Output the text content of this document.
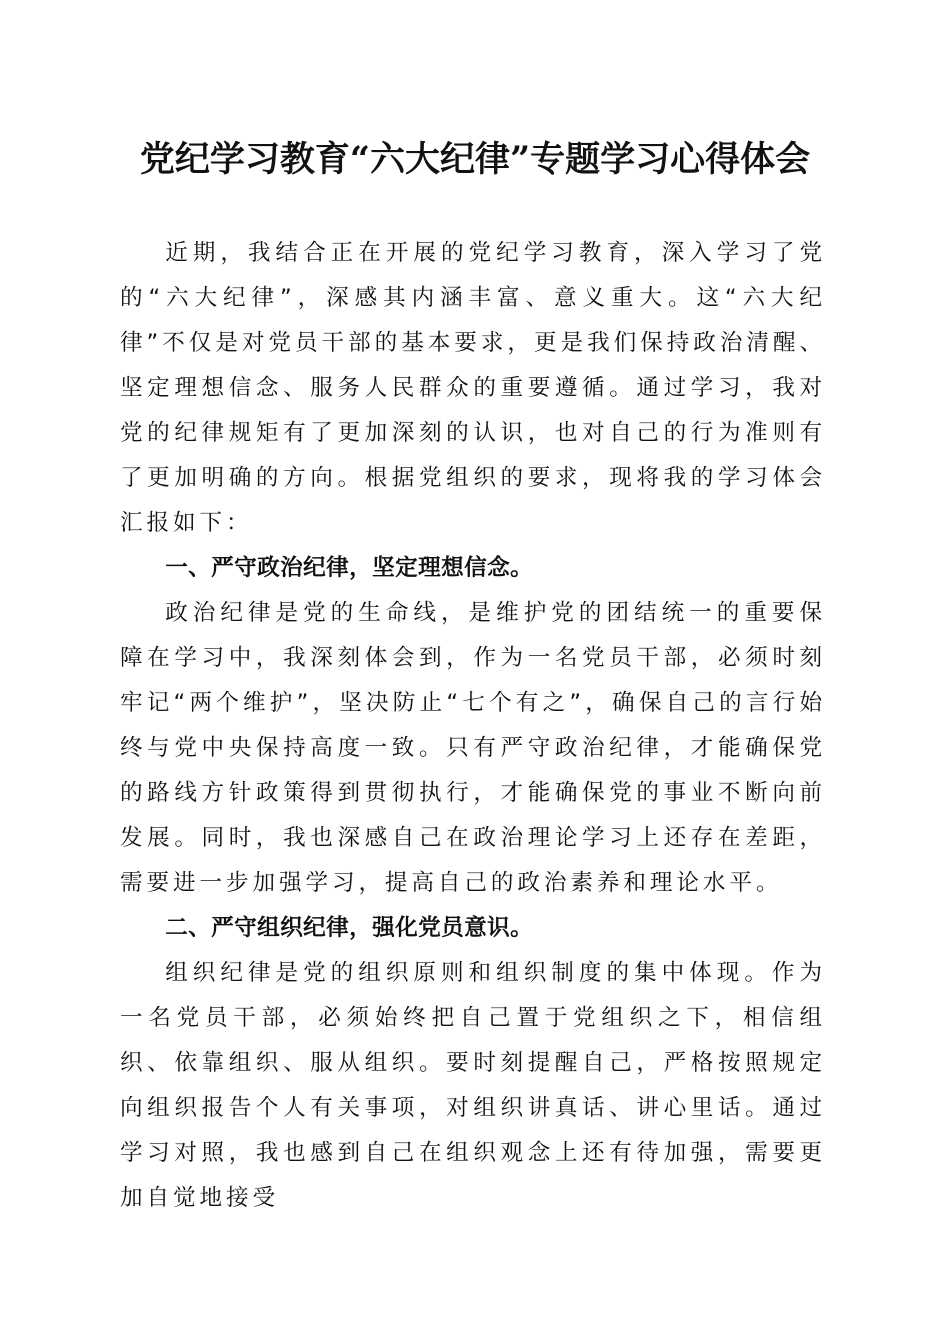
党纪学习教育“六大纪律”专题学习心得体会

近期，我结合正在开展的党纪学习教育，深入学习了党的“六大纪律”，深感其内涵丰富、意义重大。这“六大纪律”不仅是对党员干部的基本要求，更是我们保持政治清醒、坚定理想信念、服务人民群众的重要遵循。通过学习，我对党的纪律规矩有了更加深刻的认识，也对自己的行为准则有了更加明确的方向。根据党组织的要求，现将我的学习体会汇报如下：

一、严守政治纪律，坚定理想信念。

政治纪律是党的生命线，是维护党的团结统一的重要保障在学习中，我深刻体会到，作为一名党员干部，必须时刻牢记“两个维护”，坚决防止“七个有之”，确保自己的言行始终与党中央保持高度一致。只有严守政治纪律，才能确保党的路线方针政策得到贯彻执行，才能确保党的事业不断向前发展。同时，我也深感自己在政治理论学习上还存在差距，需要进一步加强学习，提高自己的政治素养和理论水平。

二、严守组织纪律，强化党员意识。

组织纪律是党的组织原则和组织制度的集中体现。作为一名党员干部，必须始终把自己置于党组织之下，相信组织、依靠组织、服从组织。要时刻提醒自己，严格按照规定向组织报告个人有关事项，对组织讲真话、讲心里话。通过学习对照，我也感到自己在组织观念上还有待加强，需要更加自觉地接受
